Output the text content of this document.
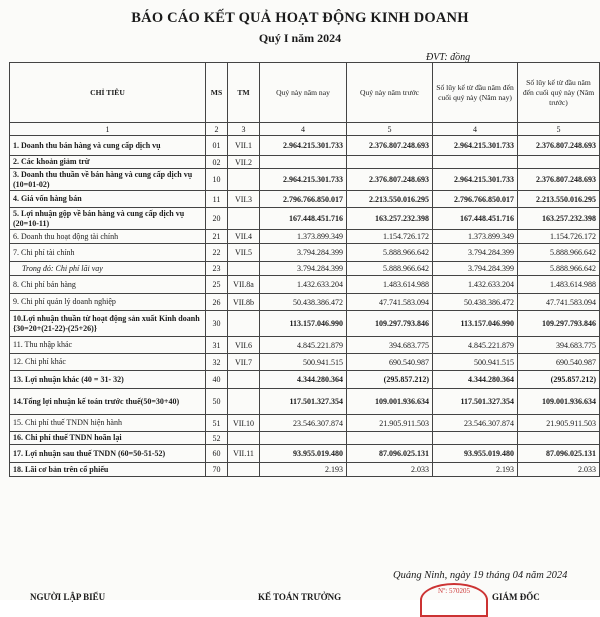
BÁO CÁO KẾT QUẢ HOẠT ĐỘNG KINH DOANH
Quý I năm 2024
ĐVT: đồng
CHỈ TIÊU	MS	TM	Quý này năm nay	Quý này năm trước	Số lũy kế từ đầu năm đến cuối quý này (Năm nay)	Số lũy kế từ đầu năm đến cuối quý này (Năm trước)
1	2	3	4	5	4	5
1. Doanh thu bán hàng và cung cấp dịch vụ	01	VII.1	2.964.215.301.733	2.376.807.248.693	2.964.215.301.733	2.376.807.248.693
2. Các khoản giảm trừ	02	VII.2				
3. Doanh thu thuần về bán hàng và cung cấp dịch vụ (10=01-02)	10		2.964.215.301.733	2.376.807.248.693	2.964.215.301.733	2.376.807.248.693
4. Giá vốn hàng bán	11	VII.3	2.796.766.850.017	2.213.550.016.295	2.796.766.850.017	2.213.550.016.295
5. Lợi nhuận gộp về bán hàng và cung cấp dịch vụ (20=10-11)	20		167.448.451.716	163.257.232.398	167.448.451.716	163.257.232.398
6. Doanh thu hoạt động tài chính	21	VII.4	1.373.899.349	1.154.726.172	1.373.899.349	1.154.726.172
7. Chi phí tài chính	22	VII.5	3.794.284.399	5.888.966.642	3.794.284.399	5.888.966.642
Trong đó: Chi phí lãi vay	23		3.794.284.399	5.888.966.642	3.794.284.399	5.888.966.642
8. Chi phí bán hàng	25	VII.8a	1.432.633.204	1.483.614.988	1.432.633.204	1.483.614.988
9. Chi phí quản lý doanh nghiệp	26	VII.8b	50.438.386.472	47.741.583.094	50.438.386.472	47.741.583.094
10.Lợi nhuận thuần từ hoạt động sản xuất Kinh doanh {30=20+(21-22)-(25+26)}	30		113.157.046.990	109.297.793.846	113.157.046.990	109.297.793.846
11. Thu nhập khác	31	VII.6	4.845.221.879	394.683.775	4.845.221.879	394.683.775
12. Chi phí khác	32	VII.7	500.941.515	690.540.987	500.941.515	690.540.987
13. Lợi nhuận khác (40 = 31- 32)	40		4.344.280.364	(295.857.212)	4.344.280.364	(295.857.212)
14.Tổng lợi nhuận kế toán trước thuế(50=30+40)	50		117.501.327.354	109.001.936.634	117.501.327.354	109.001.936.634
15. Chi phí thuế TNDN hiện hành	51	VII.10	23.546.307.874	21.905.911.503	23.546.307.874	21.905.911.503
16. Chi phí thuế TNDN hoãn lại	52					
17. Lợi nhuận sau thuế TNDN (60=50-51-52)	60	VII.11	93.955.019.480	87.096.025.131	93.955.019.480	87.096.025.131
18. Lãi cơ bản trên cổ phiếu	70		2.193	2.033	2.193	2.033
Quảng Ninh, ngày 19 tháng 04 năm 2024
NGƯỜI LẬP BIỂU	KẾ TOÁN TRƯỞNG
Nº: 570205
GIÁM ĐỐC
